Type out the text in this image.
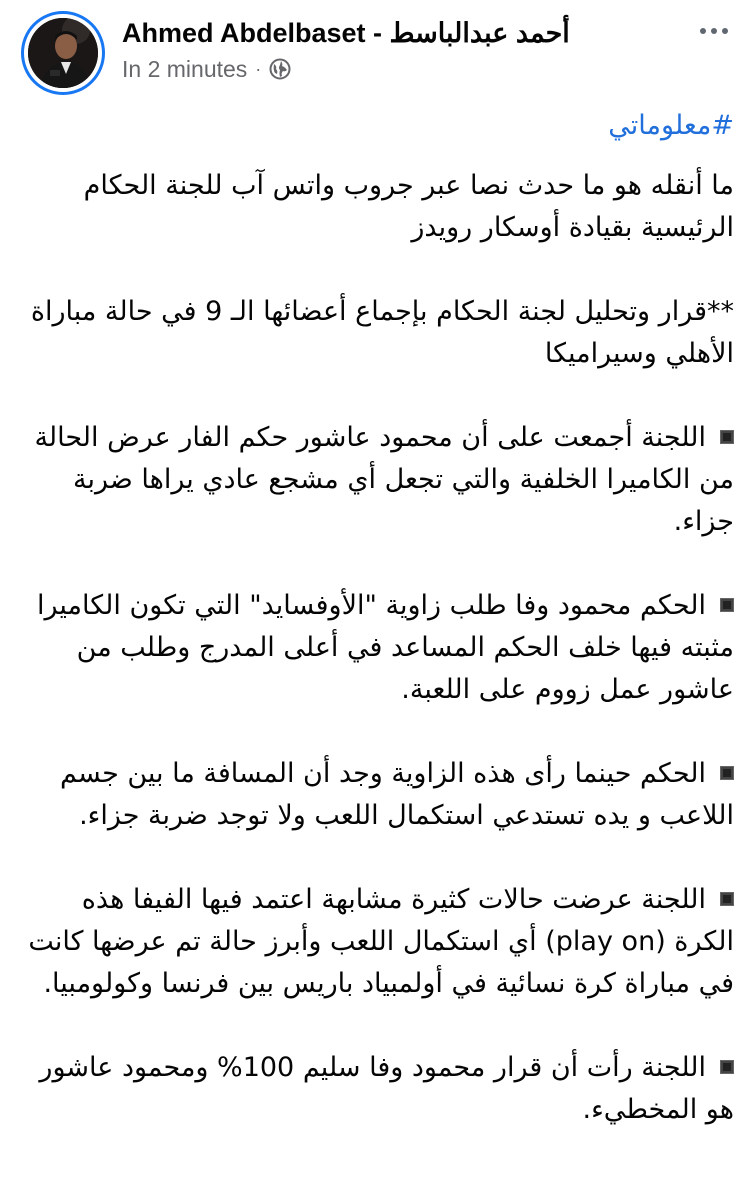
Ahmed Abdelbaset - أحمد عبدالباسط
In 2 minutes ·

#معلوماتي

ما أنقله هو ما حدث نصا عبر جروب واتس آب للجنة الحكام الرئيسية بقيادة أوسكار رويدز

**قرار وتحليل لجنة الحكام بإجماع أعضائها الـ 9 في حالة مباراة الأهلي وسيراميكا

اللجنة أجمعت على أن محمود عاشور حكم الفار عرض الحالة من الكاميرا الخلفية والتي تجعل أي مشجع عادي يراها ضربة جزاء.

الحكم محمود وفا طلب زاوية "الأوفسايد" التي تكون الكاميرا مثبته فيها خلف الحكم المساعد في أعلى المدرج وطلب من عاشور عمل زووم على اللعبة.

الحكم حينما رأى هذه الزاوية وجد أن المسافة ما بين جسم اللاعب و يده تستدعي استكمال اللعب ولا توجد ضربة جزاء.

اللجنة عرضت حالات كثيرة مشابهة اعتمد فيها الفيفا هذه الكرة (play on) أي استكمال اللعب وأبرز حالة تم عرضها كانت في مباراة كرة نسائية في أولمبياد باريس بين فرنسا وكولومبيا.

اللجنة رأت أن قرار محمود وفا سليم 100% ومحمود عاشور هو المخطيء.
